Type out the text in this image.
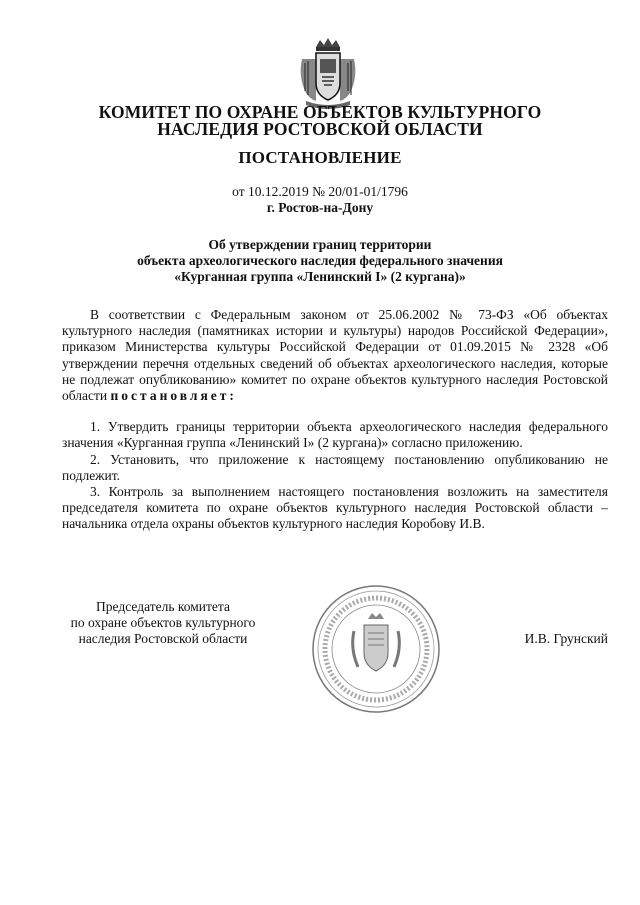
КОМИТЕТ ПО ОХРАНЕ ОБЪЕКТОВ КУЛЬТУРНОГО
НАСЛЕДИЯ РОСТОВСКОЙ ОБЛАСТИ
ПОСТАНОВЛЕНИЕ
от 10.12.2019 № 20/01-01/1796
г. Ростов-на-Дону
Об утверждении границ территории
объекта археологического наследия федерального значения
«Курганная группа «Ленинский I» (2 кургана)»

В соответствии с Федеральным законом от 25.06.2002 № 73-ФЗ «Об объектах культурного наследия (памятниках истории и культуры) народов Российской Федерации», приказом Министерства культуры Российской Федерации от 01.09.2015 № 2328 «Об утверждении перечня отдельных сведений об объектах археологического наследия, которые не подлежат опубликованию» комитет по охране объектов культурного наследия Ростовской области постановляет:

1. Утвердить границы территории объекта археологического наследия федерального значения «Курганная группа «Ленинский I» (2 кургана)» согласно приложению.

2. Установить, что приложение к настоящему постановлению опубликованию не подлежит.

3. Контроль за выполнением настоящего постановления возложить на заместителя председателя комитета по охране объектов культурного наследия Ростовской области – начальника отдела охраны объектов культурного наследия Коробову И.В.

Председатель комитета
по охране объектов культурного
наследия Ростовской области	И.В. Грунский
